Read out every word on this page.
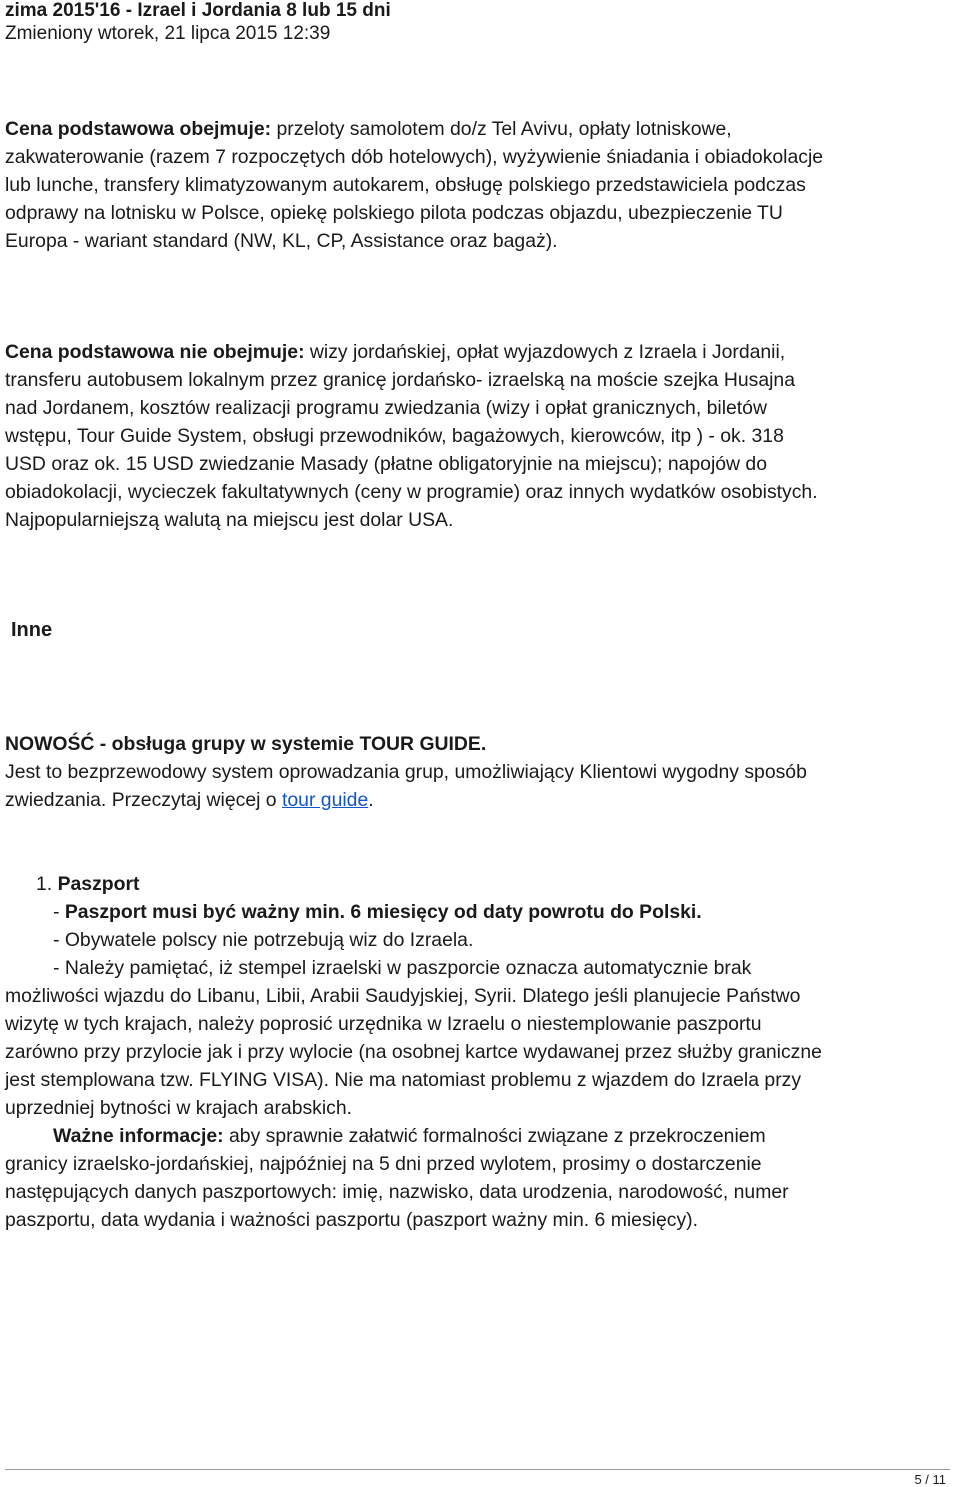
zima 2015'16 - Izrael i Jordania 8 lub 15 dni

Zmieniony wtorek, 21 lipca 2015 12:39

Cena podstawowa obejmuje: przeloty samolotem do/z Tel Avivu, opłaty lotniskowe,
zakwaterowanie (razem 7 rozpoczętych dób hotelowych), wyżywienie śniadania i obiadokolacje
lub lunche, transfery klimatyzowanym autokarem, obsługę polskiego przedstawiciela podczas
odprawy na lotnisku w Polsce, opiekę polskiego pilota podczas objazdu, ubezpieczenie TU
Europa - wariant standard (NW, KL, CP, Assistance oraz bagaż).
Cena podstawowa nie obejmuje: wizy jordańskiej, opłat wyjazdowych z Izraela i Jordanii,
transferu autobusem lokalnym przez granicę jordańsko- izraelską na moście szejka Husajna
nad Jordanem, kosztów realizacji programu zwiedzania (wizy i opłat granicznych, biletów
wstępu, Tour Guide System, obsługi przewodników, bagażowych, kierowców, itp ) - ok. 318
USD oraz ok. 15 USD zwiedzanie Masady (płatne obligatoryjnie na miejscu); napojów do
obiadokolacji, wycieczek fakultatywnych (ceny w programie) oraz innych wydatków osobistych.
Najpopularniejszą walutą na miejscu jest dolar USA.

Inne

NOWOŚĆ - obsługa grupy w systemie TOUR GUIDE.
Jest to bezprzewodowy system oprowadzania grup, umożliwiający Klientowi wygodny sposób
zwiedzania. Przeczytaj więcej o tour guide.
1. Paszport
- Paszport musi być ważny min. 6 miesięcy od daty powrotu do Polski.
- Obywatele polscy nie potrzebują wiz do Izraela.
- Należy pamiętać, iż stempel izraelski w paszporcie oznacza automatycznie brak
możliwości wjazdu do Libanu, Libii, Arabii Saudyjskiej, Syrii. Dlatego jeśli planujecie Państwo
wizytę w tych krajach, należy poprosić urzędnika w Izraelu o niestemplowanie paszportu
zarówno przy przylocie jak i przy wylocie (na osobnej kartce wydawanej przez służby graniczne
jest stemplowana tzw. FLYING VISA). Nie ma natomiast problemu z wjazdem do Izraela przy
uprzedniej bytności w krajach arabskich.
Ważne informacje: aby sprawnie załatwić formalności związane z przekroczeniem
granicy izraelsko-jordańskiej, najpóźniej na 5 dni przed wylotem, prosimy o dostarczenie
następujących danych paszportowych: imię, nazwisko, data urodzenia, narodowość, numer
paszportu, data wydania i ważności paszportu (paszport ważny min. 6 miesięcy).
5 / 11
